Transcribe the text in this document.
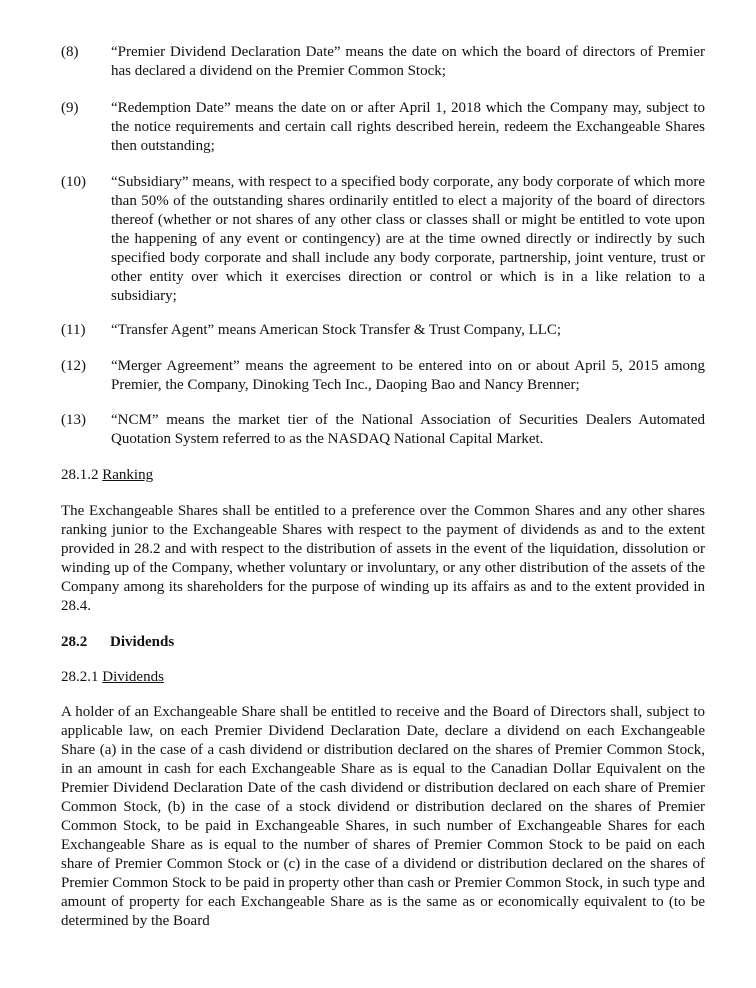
(8) “Premier Dividend Declaration Date” means the date on which the board of directors of Premier has declared a dividend on the Premier Common Stock;
(9) “Redemption Date” means the date on or after April 1, 2018 which the Company may, subject to the notice requirements and certain call rights described herein, redeem the Exchangeable Shares then outstanding;
(10) “Subsidiary” means, with respect to a specified body corporate, any body corporate of which more than 50% of the outstanding shares ordinarily entitled to elect a majority of the board of directors thereof (whether or not shares of any other class or classes shall or might be entitled to vote upon the happening of any event or contingency) are at the time owned directly or indirectly by such specified body corporate and shall include any body corporate, partnership, joint venture, trust or other entity over which it exercises direction or control or which is in a like relation to a subsidiary;
(11) “Transfer Agent” means American Stock Transfer & Trust Company, LLC;
(12) “Merger Agreement” means the agreement to be entered into on or about April 5, 2015 among Premier, the Company, Dinoking Tech Inc., Daoping Bao and Nancy Brenner;
(13) “NCM” means the market tier of the National Association of Securities Dealers Automated Quotation System referred to as the NASDAQ National Capital Market.
28.1.2 Ranking
The Exchangeable Shares shall be entitled to a preference over the Common Shares and any other shares ranking junior to the Exchangeable Shares with respect to the payment of dividends as and to the extent provided in 28.2 and with respect to the distribution of assets in the event of the liquidation, dissolution or winding up of the Company, whether voluntary or involuntary, or any other distribution of the assets of the Company among its shareholders for the purpose of winding up its affairs as and to the extent provided in 28.4.
28.2 Dividends
28.2.1 Dividends
A holder of an Exchangeable Share shall be entitled to receive and the Board of Directors shall, subject to applicable law, on each Premier Dividend Declaration Date, declare a dividend on each Exchangeable Share (a) in the case of a cash dividend or distribution declared on the shares of Premier Common Stock, in an amount in cash for each Exchangeable Share as is equal to the Canadian Dollar Equivalent on the Premier Dividend Declaration Date of the cash dividend or distribution declared on each share of Premier Common Stock, (b) in the case of a stock dividend or distribution declared on the shares of Premier Common Stock, to be paid in Exchangeable Shares, in such number of Exchangeable Shares for each Exchangeable Share as is equal to the number of shares of Premier Common Stock to be paid on each share of Premier Common Stock or (c) in the case of a dividend or distribution declared on the shares of Premier Common Stock to be paid in property other than cash or Premier Common Stock, in such type and amount of property for each Exchangeable Share as is the same as or economically equivalent to (to be determined by the Board
